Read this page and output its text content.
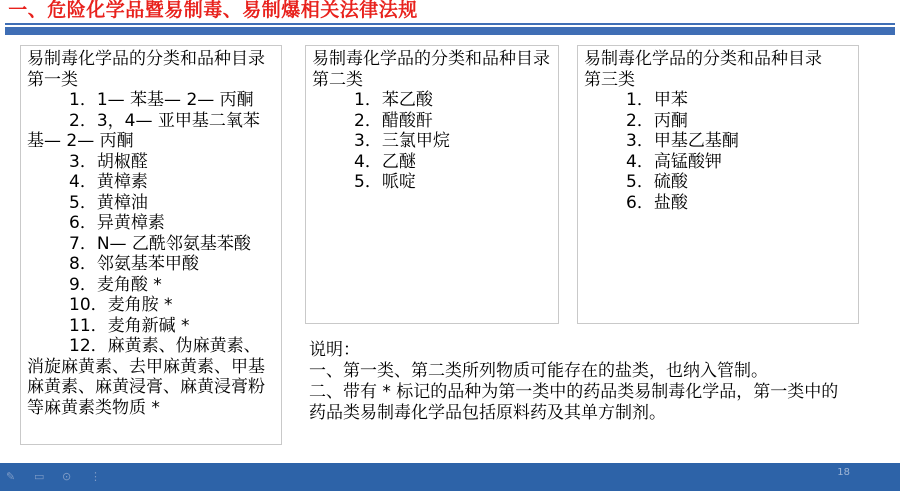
一、危险化学品暨易制毒、易制爆相关法律法规
易制毒化学品的分类和品种目录
第一类
1．1— 苯基— 2— 丙酮
2．3，4— 亚甲基二氧苯基— 2— 丙酮
3．胡椒醛
4．黄樟素
5．黄樟油
6．异黄樟素
7．N— 乙酰邻氨基苯酸
8．邻氨基苯甲酸
9．麦角酸 *
10．麦角胺 *
11．麦角新碱 *
12．麻黄素、伪麻黄素、消旋麻黄素、去甲麻黄素、甲基麻黄素、麻黄浸膏、麻黄浸膏粉等麻黄素类物质 *
易制毒化学品的分类和品种目录
第二类
1．苯乙酸
2．醋酸酐
3．三氯甲烷
4．乙醚
5．哌啶
易制毒化学品的分类和品种目录
第三类
1．甲苯
2．丙酮
3．甲基乙基酮
4．高锰酸钾
5．硫酸
6．盐酸
说明：
一、第一类、第二类所列物质可能存在的盐类，也纳入管制。
二、带有 * 标记的品种为第一类中的药品类易制毒化学品，第一类中的药品类易制毒化学品包括原料药及其单方制剂。
✎	▭	⊙	⋮	18
